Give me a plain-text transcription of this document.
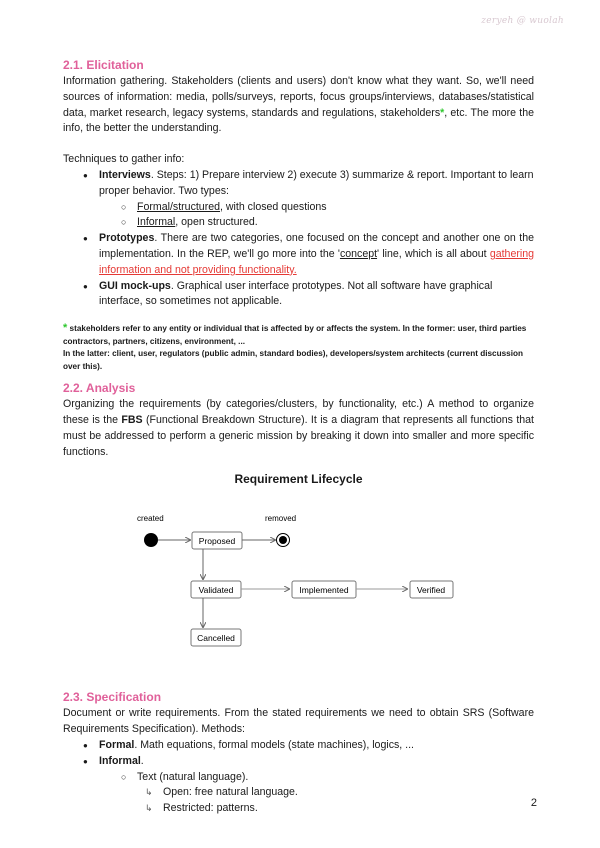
zeryeh @ wuolah
2.1. Elicitation

Information gathering. Stakeholders (clients and users) don't know what they want. So, we'll need sources of information: media, polls/surveys, reports, focus groups/interviews, databases/statistical data, market research, legacy systems, standards and regulations, stakeholders*, etc. The more the info, the better the understanding.

Techniques to gather info:

● Interviews. Steps: 1) Prepare interview 2) execute 3) summarize & report. Important to learn proper behavior. Two types:
○ Formal/structured, with closed questions
○ Informal, open structured.
● Prototypes. There are two categories, one focused on the concept and another one on the implementation. In the REP, we'll go more into the 'concept' line, which is all about gathering information and not providing functionality.
● GUI mock-ups. Graphical user interface prototypes. Not all software have graphical interface, so sometimes not applicable.
* stakeholders refer to any entity or individual that is affected by or affects the system. In the former: user, third parties contractors, partners, citizens, environment, ...
In the latter: client, user, regulators (public admin, standard bodies), developers/system architects (current discussion over this).
2.2. Analysis

Organizing the requirements (by categories/clusters, by functionality, etc.) A method to organize these is the FBS (Functional Breakdown Structure). It is a diagram that represents all functions that must be addressed to perform a generic mission by breaking it down into smaller and more specific functions.

Requirement Lifecycle
created	removed
Proposed
Validated	Implemented	Verified
Cancelled
2.3. Specification

Document or write requirements. From the stated requirements we need to obtain SRS (Software Requirements Specification). Methods:

● Formal. Math equations, formal models (state machines), logics, ...
● Informal.
○ Text (natural language).
↳ Open: free natural language.
↳ Restricted: patterns.	2
